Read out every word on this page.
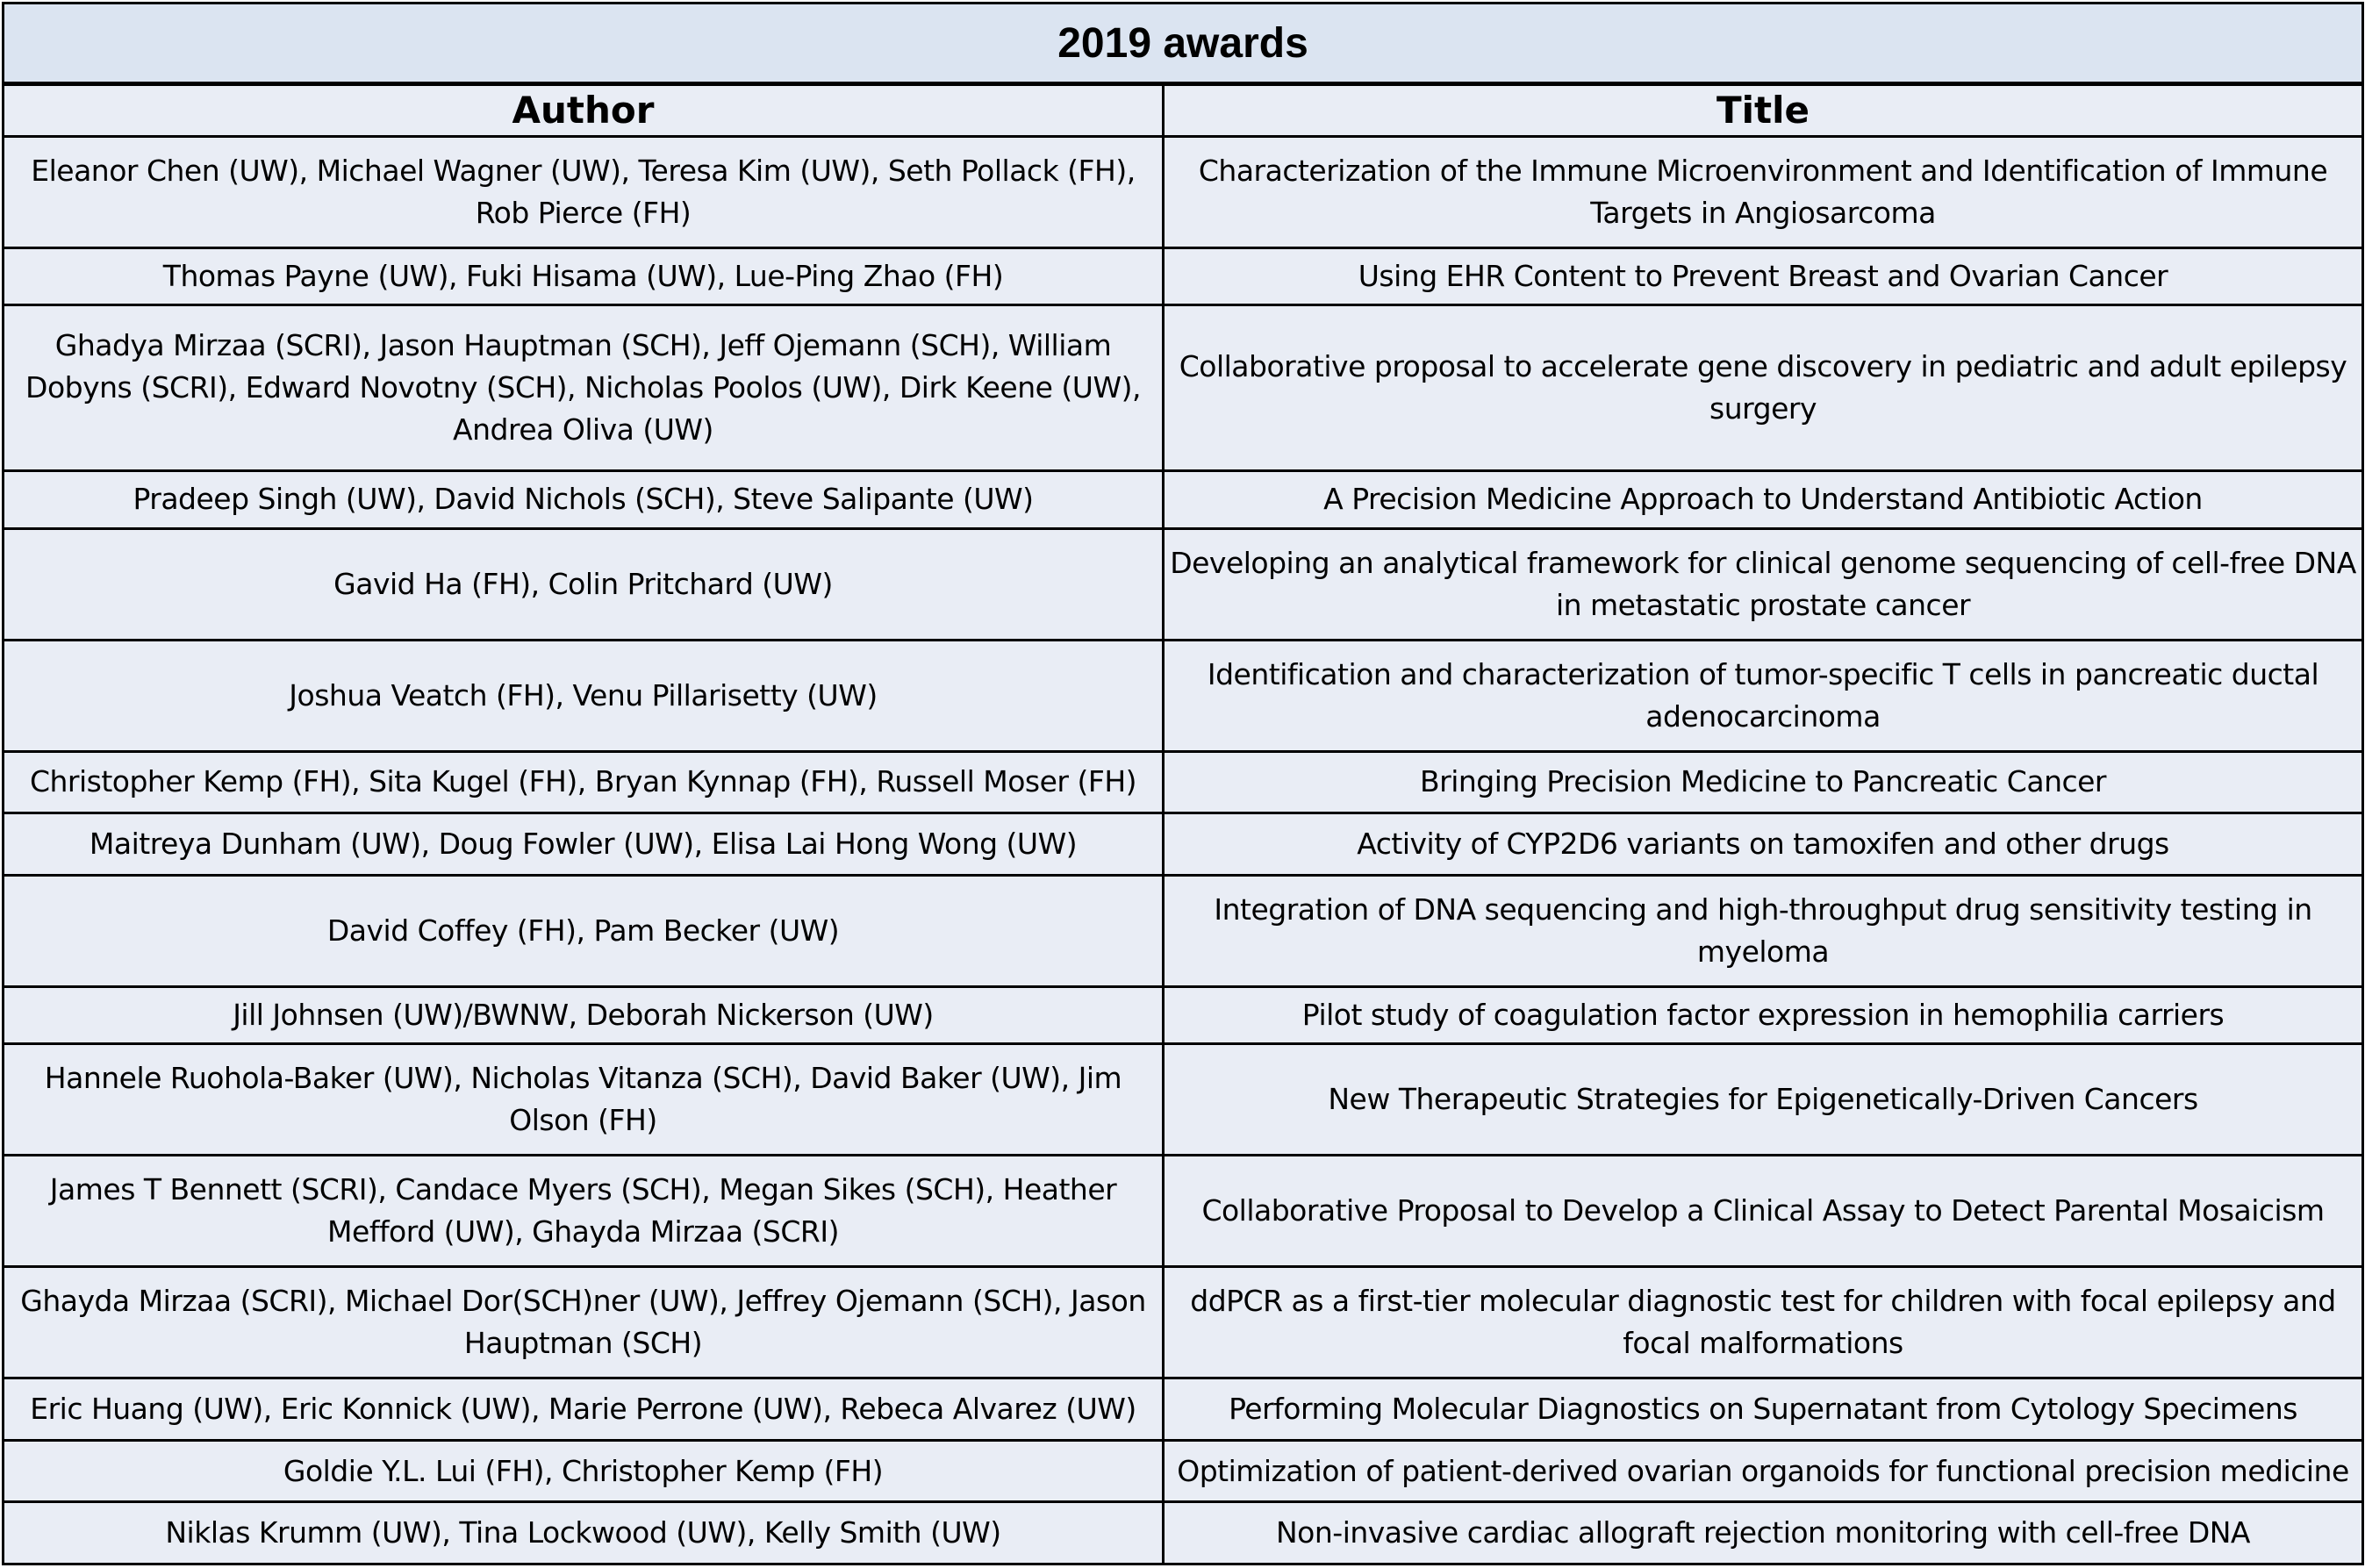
2019 awards	
Author	Title
Eleanor Chen (UW), Michael Wagner (UW), Teresa Kim (UW), Seth Pollack (FH), Rob Pierce (FH)	Characterization of the Immune Microenvironment and Identification of Immune Targets in Angiosarcoma
Thomas Payne (UW), Fuki Hisama (UW), Lue-Ping Zhao (FH)	Using EHR Content to Prevent Breast and Ovarian Cancer
Ghadya Mirzaa (SCRI), Jason Hauptman (SCH), Jeff Ojemann (SCH), William Dobyns (SCRI), Edward Novotny (SCH), Nicholas Poolos (UW), Dirk Keene (UW), Andrea Oliva (UW)	Collaborative proposal to accelerate gene discovery in pediatric and adult epilepsy surgery
Pradeep Singh (UW), David Nichols (SCH), Steve Salipante (UW)	A Precision Medicine Approach to Understand Antibiotic Action
Gavid Ha (FH), Colin Pritchard (UW)	Developing an analytical framework for clinical genome sequencing of cell-free DNA in metastatic prostate cancer
Joshua Veatch (FH), Venu Pillarisetty (UW)	Identification and characterization of tumor-specific T cells in pancreatic ductal adenocarcinoma
Christopher Kemp (FH), Sita Kugel (FH), Bryan Kynnap (FH), Russell Moser (FH)	Bringing Precision Medicine to Pancreatic Cancer
Maitreya Dunham (UW), Doug Fowler (UW), Elisa Lai Hong Wong (UW)	Activity of CYP2D6 variants on tamoxifen and other drugs
David Coffey (FH), Pam Becker (UW)	Integration of DNA sequencing and high-throughput drug sensitivity testing in myeloma
Jill Johnsen (UW)/BWNW, Deborah Nickerson (UW)	Pilot study of coagulation factor expression in hemophilia carriers
Hannele Ruohola-Baker (UW), Nicholas Vitanza (SCH), David Baker (UW), Jim Olson (FH)	New Therapeutic Strategies for Epigenetically-Driven Cancers
James T Bennett (SCRI), Candace Myers (SCH), Megan Sikes (SCH), Heather Mefford (UW), Ghayda Mirzaa (SCRI)	Collaborative Proposal to Develop a Clinical Assay to Detect Parental Mosaicism
Ghayda Mirzaa (SCRI), Michael Dor(SCH)ner (UW), Jeffrey Ojemann (SCH), Jason Hauptman (SCH)	ddPCR as a first-tier molecular diagnostic test for children with focal epilepsy and focal malformations
Eric Huang (UW), Eric Konnick (UW), Marie Perrone (UW), Rebeca Alvarez (UW)	Performing Molecular Diagnostics on Supernatant from Cytology Specimens
Goldie Y.L. Lui (FH), Christopher Kemp (FH)	Optimization of patient-derived ovarian organoids for functional precision medicine
Niklas Krumm (UW), Tina Lockwood (UW), Kelly Smith (UW)	Non-invasive cardiac allograft rejection monitoring with cell-free DNA
